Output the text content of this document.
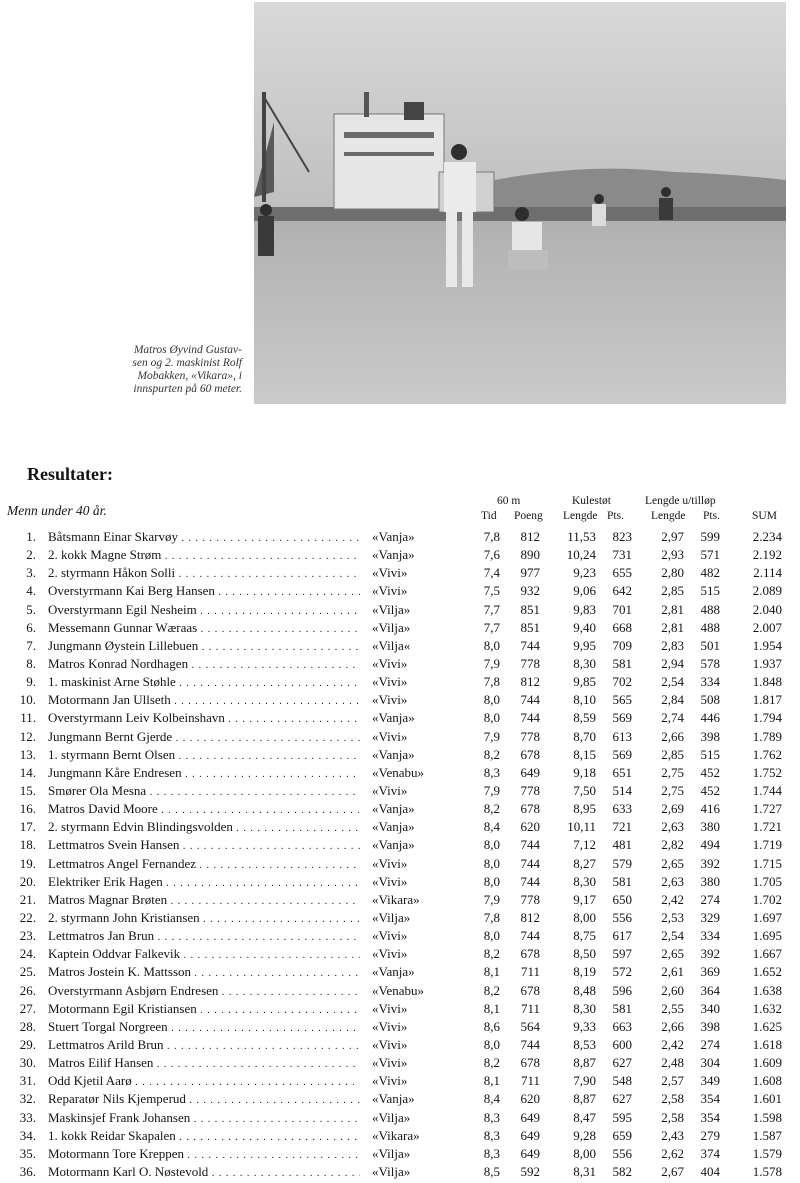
Matros Øyvind Gustav-
sen og 2. maskinist Rolf
Mobakken, «Vikara», i
innspurten på 60 meter.
Resultater:
Menn under 40 år.
60 m
Tid Poeng
Kulestøt
Lengde Pts.
Lengde u/tilløp
Lengde Pts.	SUM
1. Båtsmann Einar Skarvøy . . .	«Vanja»	7,8	812	11,53	823	2,97	599	2.234
2. 2. kokk Magne Strøm . . .	«Vanja»	7,6	890	10,24	731	2,93	571	2.192
3. 2. styrmann Håkon Solli . . .	«Vivi»	7,4	977	9,23	655	2,80	482	2.114
4. Overstyrmann Kai Berg Hansen . . .	«Vivi»	7,5	932	9,06	642	2,85	515	2.089
5. Overstyrmann Egil Nesheim . . .	«Vilja»	7,7	851	9,83	701	2,81	488	2.040
6. Messemann Gunnar Wæraas . . .	«Vilja»	7,7	851	9,40	668	2,81	488	2.007
7. Jungmann Øystein Lillebuen . . .	«Vilja«	8,0	744	9,95	709	2,83	501	1.954
8. Matros Konrad Nordhagen . . .	«Vivi»	7,9	778	8,30	581	2,94	578	1.937
9. 1. maskinist Arne Støhle . . .	«Vivi»	7,8	812	9,85	702	2,54	334	1.848
10. Motormann Jan Ullseth . . .	«Vivi»	8,0	744	8,10	565	2,84	508	1.817
11. Overstyrmann Leiv Kolbeinshavn . . .	«Vanja»	8,0	744	8,59	569	2,74	446	1.794
12. Jungmann Bernt Gjerde . . .	«Vivi»	7,9	778	8,70	613	2,66	398	1.789
13. 1. styrmann Bernt Olsen . . .	«Vanja»	8,2	678	8,15	569	2,85	515	1.762
14. Jungmann Kåre Endresen . . .	«Venabu»	8,3	649	9,18	651	2,75	452	1.752
15. Smører Ola Mesna . . .	«Vivi»	7,9	778	7,50	514	2,75	452	1.744
16. Matros David Moore . . .	«Vanja»	8,2	678	8,95	633	2,69	416	1.727
17. 2. styrmann Edvin Blindingsvolden . . .	«Vanja»	8,4	620	10,11	721	2,63	380	1.721
18. Lettmatros Svein Hansen . . .	«Vanja»	8,0	744	7,12	481	2,82	494	1.719
19. Lettmatros Angel Fernandez . . .	«Vivi»	8,0	744	8,27	579	2,65	392	1.715
20. Elektriker Erik Hagen . . .	«Vivi»	8,0	744	8,30	581	2,63	380	1.705
21. Matros Magnar Brøten . . .	«Vikara»	7,9	778	9,17	650	2,42	274	1.702
22. 2. styrmann John Kristiansen . . .	«Vilja»	7,8	812	8,00	556	2,53	329	1.697
23. Lettmatros Jan Brun . . .	«Vivi»	8,0	744	8,75	617	2,54	334	1.695
24. Kaptein Oddvar Falkevik . . .	«Vivi»	8,2	678	8,50	597	2,65	392	1.667
25. Matros Jostein K. Mattsson . . .	«Vanja»	8,1	711	8,19	572	2,61	369	1.652
26. Overstyrmann Asbjørn Endresen . . .	«Venabu»	8,2	678	8,48	596	2,60	364	1.638
27. Motormann Egil Kristiansen . . .	«Vivi»	8,1	711	8,30	581	2,55	340	1.632
28. Stuert Torgal Norgreen . . .	«Vivi»	8,6	564	9,33	663	2,66	398	1.625
29. Lettmatros Arild Brun . . .	«Vivi»	8,0	744	8,53	600	2,42	274	1.618
30. Matros Eilif Hansen . . .	«Vivi»	8,2	678	8,87	627	2,48	304	1.609
31. Odd Kjetil Aarø . . .	«Vivi»	8,1	711	7,90	548	2,57	349	1.608
32. Reparatør Nils Kjemperud . . .	«Vanja»	8,4	620	8,87	627	2,58	354	1.601
33. Maskinsjef Frank Johansen . . .	«Vilja»	8,3	649	8,47	595	2,58	354	1.598
34. 1. kokk Reidar Skapalen . . .	«Vikara»	8,3	649	9,28	659	2,43	279	1.587
35. Motormann Tore Kreppen . . .	«Vilja»	8,3	649	8,00	556	2,62	374	1.579
36. Motormann Karl O. Nøstevold . . .	«Vilja»	8,5	592	8,31	582	2,67	404	1.578
